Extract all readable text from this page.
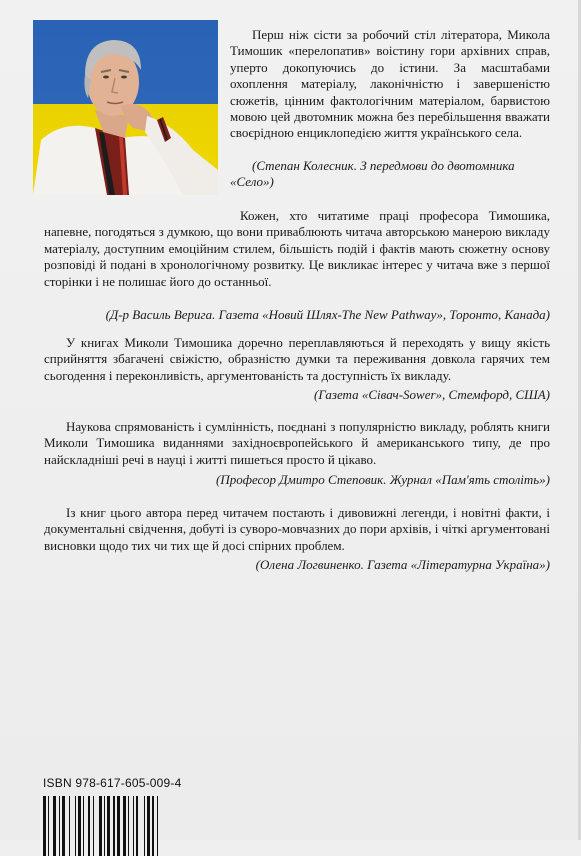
Перш ніж сісти за робочий стіл літератора, Микола Тимошик «перелопатив» воістину гори архівних справ, уперто докопуючись до істини. За масштабами охоплення матеріалу, лаконічністю і завершеністю сюжетів, цінним фактологічним матеріалом, барвистою мовою цей двотомник можна без перебільшення вважати своєрідною енциклопедією життя українського села.

(Степан Колесник. З передмови до двотомника «Село»)

Кожен, хто читатиме праці професора Тимошика, напевне, погодяться з думкою, що вони приваблюють читача авторською манерою викладу матеріалу, доступним емоційним стилем, більшість подій і фактів мають сюжетну основу розповіді й подані в хронологічному розвитку. Це викликає інтерес у читача вже з першої сторінки і не полишає його до останньої.

(Д-р Василь Верига. Газета «Новий Шлях-The New Pathway», Торонто, Канада)

У книгах Миколи Тимошика доречно переплавляються й переходять у вищу якість сприйняття збагачені свіжістю, образністю думки та переживання довкола гарячих тем сьогодення і переконливість, аргументованість та доступність їх викладу.

(Газета «Сівач-Sower», Стемфорд, США)

Наукова спрямованість і сумлінність, поєднані з популярністю викладу, роблять книги Миколи Тимошика виданнями західноєвропейського й американського типу, де про найскладніші речі в науці і житті пишеться просто й цікаво.

(Професор Дмитро Степовик. Журнал «Пам'ять століть»)

Із книг цього автора перед читачем постають і дивовижні легенди, і новітні факти, і документальні свідчення, добуті із суворо-мовчазних до пори архівів, і чіткі аргументовані висновки щодо тих чи тих ще й досі спірних проблем.

(Олена Логвиненко. Газета «Літературна Україна»)

ISBN 978-617-605-009-4
